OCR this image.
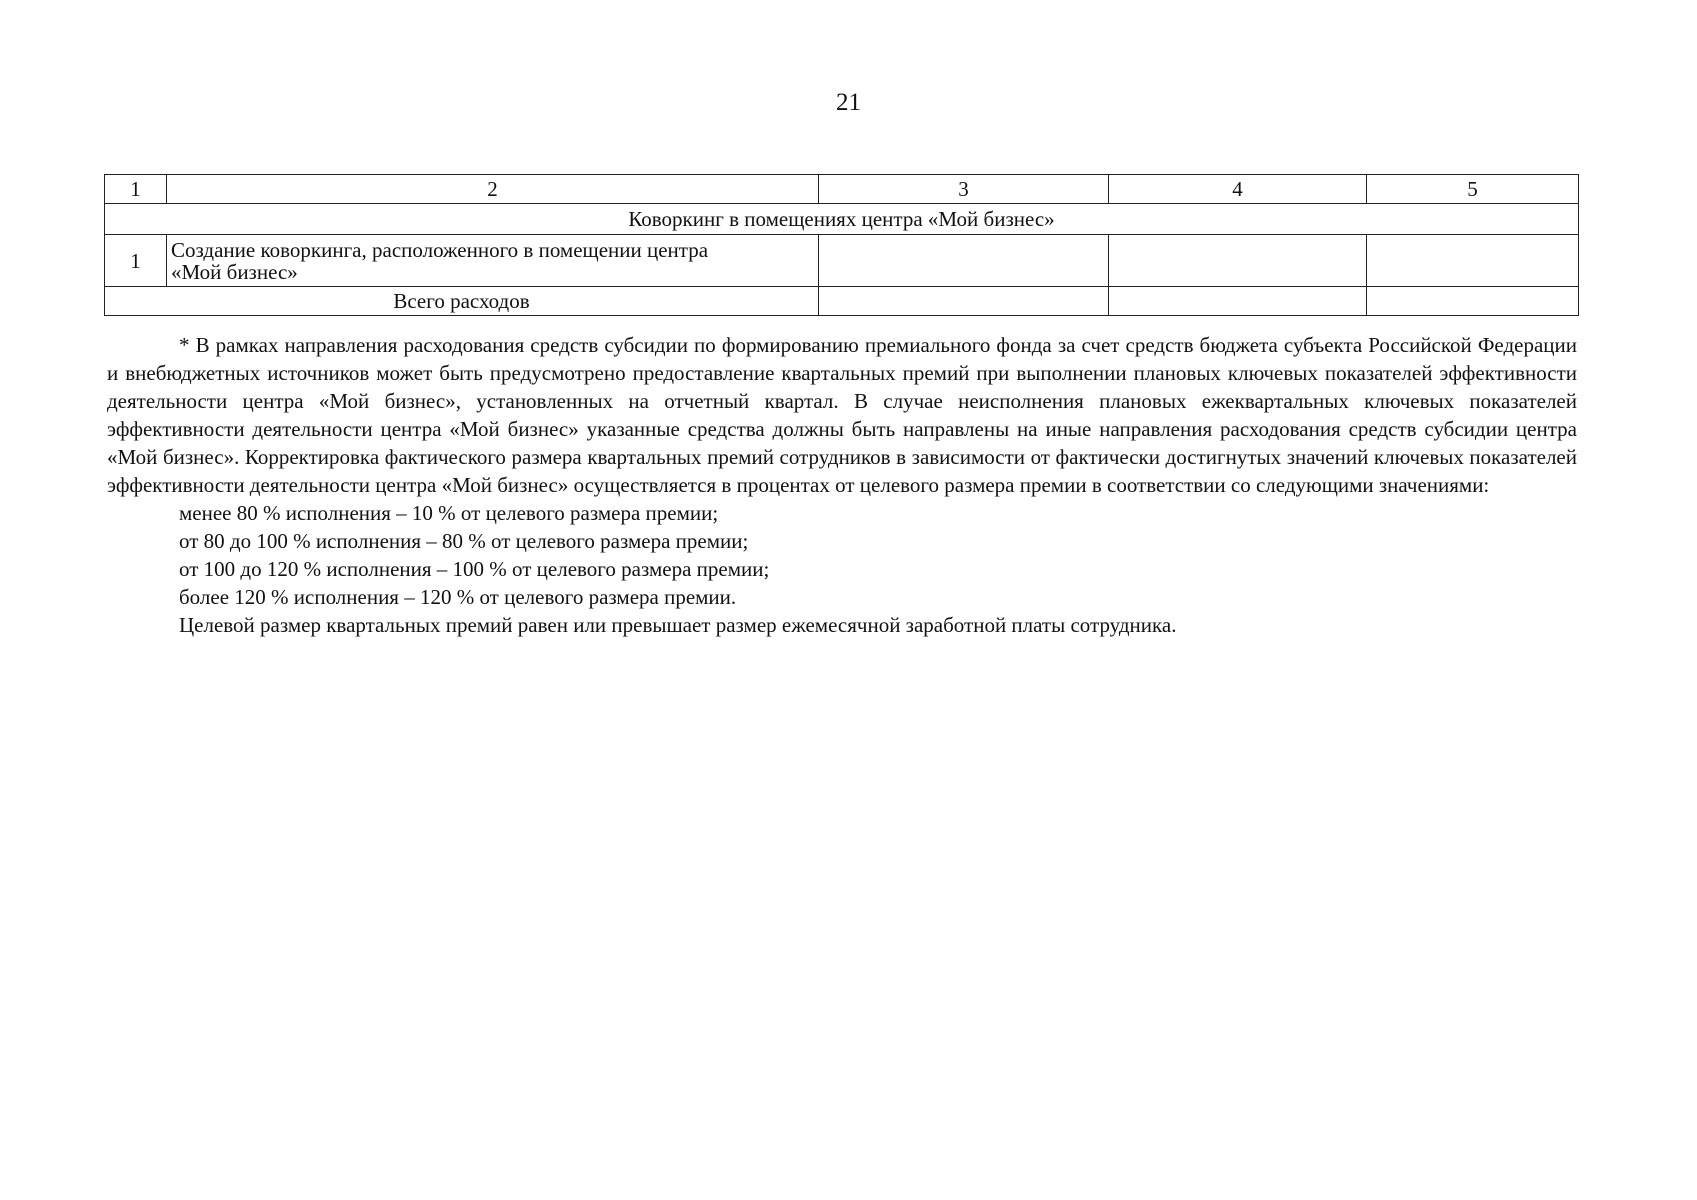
21
1	2	3	4	5
Коворкинг в помещениях центра «Мой бизнес»				
1	Создание коворкинга, расположенного в помещении центра
«Мой бизнес»			
Всего расходов				

* В рамках направления расходования средств субсидии по формированию премиального фонда за счет средств бюджета субъекта Российской Федерации и внебюджетных источников может быть предусмотрено предоставление квартальных премий при выполнении плановых ключевых показателей эффективности деятельности центра «Мой бизнес», установленных на отчетный квартал. В случае неисполнения плановых ежеквартальных ключевых показателей эффективности деятельности центра «Мой бизнес» указанные средства должны быть направлены на иные направления расходования средств субсидии центра «Мой бизнес». Корректировка фактического размера квартальных премий сотрудников в зависимости от фактически достигнутых значений ключевых показателей эффективности деятельности центра «Мой бизнес» осуществляется в процентах от целевого размера премии в соответствии со следующими значениями:

менее 80 % исполнения – 10 % от целевого размера премии;

от 80 до 100 % исполнения – 80 % от целевого размера премии;

от 100 до 120 % исполнения – 100 % от целевого размера премии;

более 120 % исполнения – 120 % от целевого размера премии.

Целевой размер квартальных премий равен или превышает размер ежемесячной заработной платы сотрудника.
